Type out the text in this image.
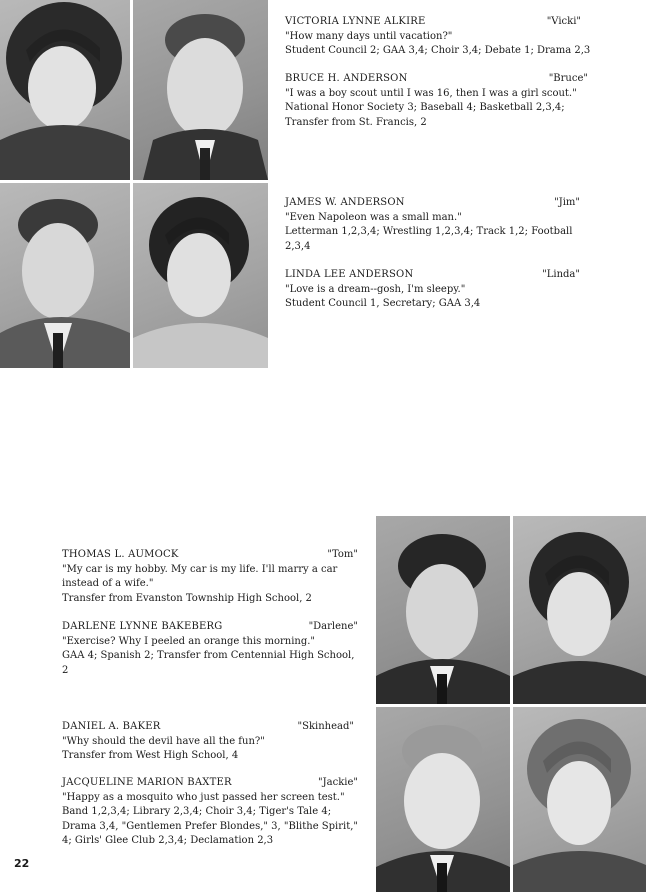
VICTORIA LYNNE ALKIRE	"Vicki"
"How many days until vacation?"
Student Council 2; GAA 3,4; Choir 3,4; Debate 1; Drama 2,3
BRUCE H. ANDERSON	"Bruce"
"I was a boy scout until I was 16, then I was a girl scout."
National Honor Society 3; Baseball 4; Basketball 2,3,4; Transfer from St. Francis, 2
JAMES W. ANDERSON	"Jim"
"Even Napoleon was a small man."
Letterman 1,2,3,4; Wrestling 1,2,3,4; Track 1,2; Football 2,3,4
LINDA LEE ANDERSON	"Linda"
"Love is a dream--gosh, I'm sleepy."
Student Council 1, Secretary; GAA 3,4
THOMAS L. AUMOCK	"Tom"
"My car is my hobby. My car is my life. I'll marry a car instead of a wife."
Transfer from Evanston Township High School, 2
DARLENE LYNNE BAKEBERG	"Darlene"
"Exercise? Why I peeled an orange this morning."
GAA 4; Spanish 2; Transfer from Centennial High School, 2
DANIEL A. BAKER	"Skinhead"
"Why should the devil have all the fun?"
Transfer from West High School, 4
JACQUELINE MARION BAXTER	"Jackie"
"Happy as a mosquito who just passed her screen test."
Band 1,2,3,4; Library 2,3,4; Choir 3,4; Tiger's Tale 4; Drama 3,4, "Gentlemen Prefer Blondes," 3, "Blithe Spirit," 4; Girls' Glee Club 2,3,4; Declamation 2,3
22
